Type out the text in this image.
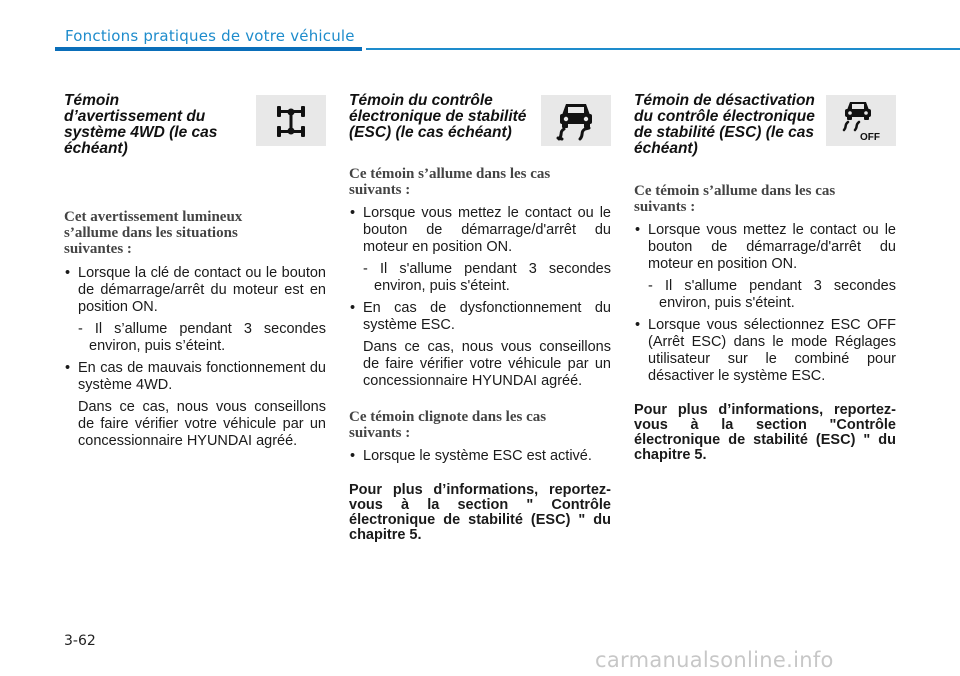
Fonctions pratiques de votre véhicule

Témoin d’avertissement du système 4WD (le cas échéant)

Cet avertissement lumineux s’allume dans les situations suivantes :

• Lorsque la clé de contact ou le bouton de démarrage/arrêt du moteur est en position ON.

- Il s’allume pendant 3 secondes environ, puis s’éteint.

• En cas de mauvais fonctionnement du système 4WD.

Dans ce cas, nous vous conseillons de faire vérifier votre véhicule par un concessionnaire HYUNDAI agréé.

Témoin du contrôle électronique de stabilité (ESC) (le cas échéant)

Ce témoin s’allume dans les cas suivants :

• Lorsque vous mettez le contact ou le bouton de démarrage/d'arrêt du moteur en position ON.

- Il s'allume pendant 3 secondes environ, puis s'éteint.

• En cas de dysfonctionnement du système ESC.

Dans ce cas, nous vous conseillons de faire vérifier votre véhicule par un concessionnaire HYUNDAI agréé.

Ce témoin clignote dans les cas suivants :

• Lorsque le système ESC est activé.

Pour plus d’informations, reportez-vous à la section " Contrôle électronique de stabilité (ESC) " du chapitre 5.

OFF

Témoin de désactivation du contrôle électronique de stabilité (ESC) (le cas échéant)

Ce témoin s’allume dans les cas suivants :

• Lorsque vous mettez le contact ou le bouton de démarrage/d'arrêt du moteur en position ON.

- Il s'allume pendant 3 secondes environ, puis s'éteint.

• Lorsque vous sélectionnez ESC OFF (Arrêt ESC) dans le mode Réglages utilisateur sur le combiné pour désactiver le système ESC.

Pour plus d’informations, reportez-vous à la section "Contrôle électronique de stabilité (ESC) " du chapitre 5.

3-62
carmanualsonline.info
